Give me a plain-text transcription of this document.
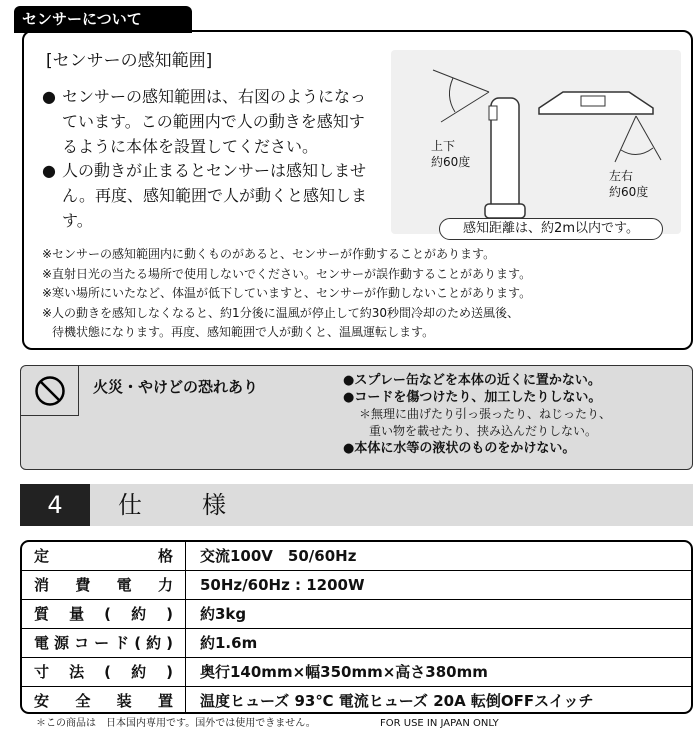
センサーについて
[センサーの感知範囲]
● センサーの感知範囲は、右図のようになっています。この範囲内で人の動きを感知するように本体を設置してください。
● 人の動きが止まるとセンサーは感知しません。再度、感知範囲で人が動くと感知します。
上下
約60度
左右
約60度
感知距離は、約2m以内です。
※センサーの感知範囲内に動くものがあると、センサーが作動することがあります。
※直射日光の当たる場所で使用しないでください。センサーが誤作動することがあります。
※寒い場所にいたなど、体温が低下していますと、センサーが作動しないことがあります。
※人の動きを感知しなくなると、約1分後に温風が停止して約30秒間冷却のため送風後、
待機状態になります。再度、感知範囲で人が動くと、温風運転します。
火災・やけどの恐れあり	●スプレー缶などを本体の近くに置かない。
●コードを傷つけたり、加工したりしない。
＊無理に曲げたり引っ張ったり、ねじったり、
重い物を載せたり、挟み込んだりしない。
●本体に水等の液状のものをかけない。
4	仕様
定格	交流100V　50/60Hz
消費電力	50Hz/60Hz : 1200W
質量(約)	約3kg
電源コード(約)	約1.6m
寸法(約)	奥行140mm×幅350mm×高さ380mm
安全装置	温度ヒューズ 93℃ 電流ヒューズ 20A 転倒OFFスイッチ
＊この商品は　日本国内専用です。国外では使用できません。	FOR USE IN JAPAN ONLY
